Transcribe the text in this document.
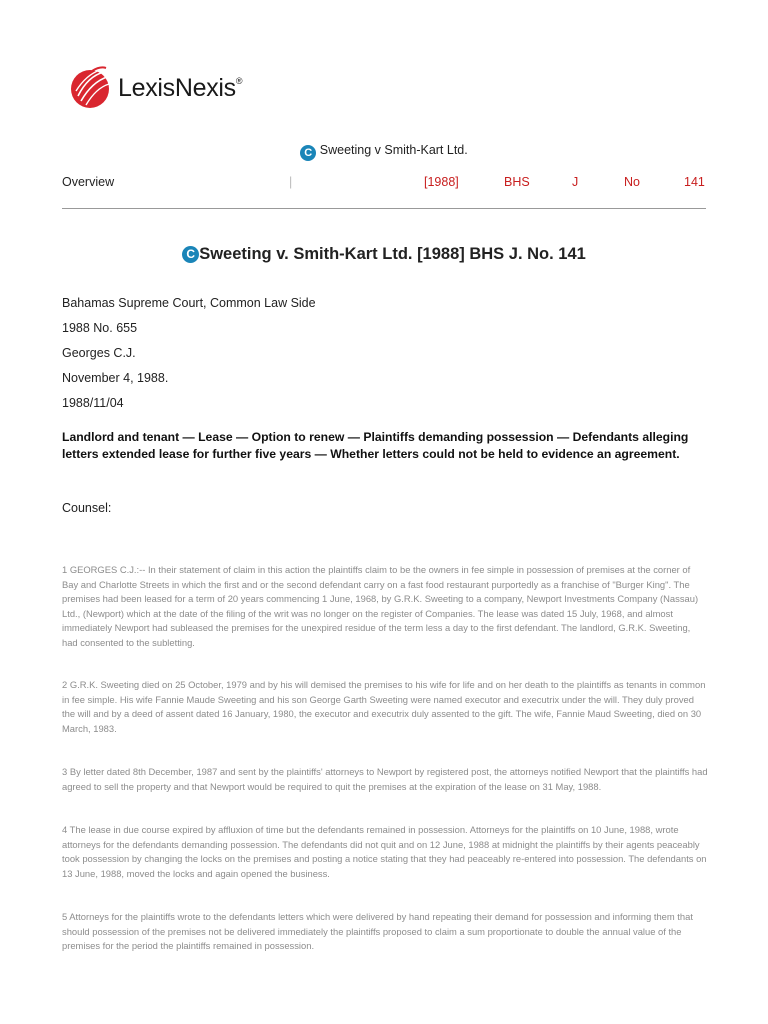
LexisNexis®
C Sweeting v Smith-Kart Ltd.
Overview	|	[1988]	BHS	J	No	141
C Sweeting v. Smith-Kart Ltd. [1988] BHS J. No. 141
Bahamas Supreme Court, Common Law Side
1988 No. 655
Georges C.J.
November 4, 1988.
1988/11/04
Landlord and tenant — Lease — Option to renew — Plaintiffs demanding possession — Defendants alleging letters extended lease for further five years — Whether letters could not be held to evidence an agreement.
Counsel:
1 GEORGES C.J.:-- In their statement of claim in this action the plaintiffs claim to be the owners in fee simple in possession of premises at the corner of Bay and Charlotte Streets in which the first and or the second defendant carry on a fast food restaurant purportedly as a franchise of "Burger King". The premises had been leased for a term of 20 years commencing 1 June, 1968, by G.R.K. Sweeting to a company, Newport Investments Company (Nassau) Ltd., (Newport) which at the date of the filing of the writ was no longer on the register of Companies. The lease was dated 15 July, 1968, and almost immediately Newport had subleased the premises for the unexpired residue of the term less a day to the first defendant. The landlord, G.R.K. Sweeting, had consented to the subletting.
2 G.R.K. Sweeting died on 25 October, 1979 and by his will demised the premises to his wife for life and on her death to the plaintiffs as tenants in common in fee simple. His wife Fannie Maude Sweeting and his son George Garth Sweeting were named executor and executrix under the will. They duly proved the will and by a deed of assent dated 16 January, 1980, the executor and executrix duly assented to the gift. The wife, Fannie Maud Sweeting, died on 30 March, 1983.
3 By letter dated 8th December, 1987 and sent by the plaintiffs' attorneys to Newport by registered post, the attorneys notified Newport that the plaintiffs had agreed to sell the property and that Newport would be required to quit the premises at the expiration of the lease on 31 May, 1988.
4 The lease in due course expired by affluxion of time but the defendants remained in possession. Attorneys for the plaintiffs on 10 June, 1988, wrote attorneys for the defendants demanding possession. The defendants did not quit and on 12 June, 1988 at midnight the plaintiffs by their agents peaceably took possession by changing the locks on the premises and posting a notice stating that they had peaceably re-entered into possession. The defendants on 13 June, 1988, moved the locks and again opened the business.
5 Attorneys for the plaintiffs wrote to the defendants letters which were delivered by hand repeating their demand for possession and informing them that should possession of the premises not be delivered immediately the plaintiffs proposed to claim a sum proportionate to double the annual value of the premises for the period the plaintiffs remained in possession.
